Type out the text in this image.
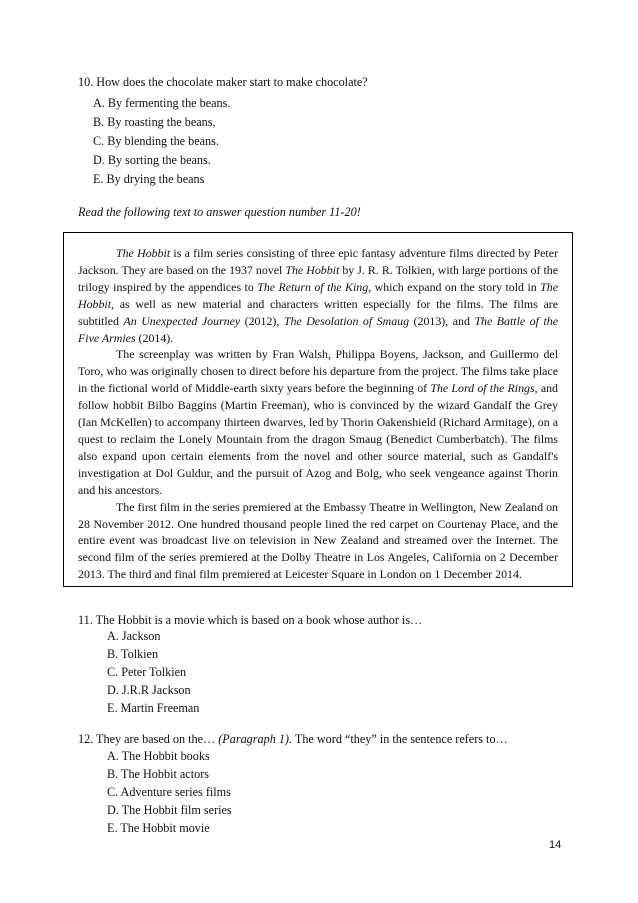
10. How does the chocolate maker start to make chocolate?
A. By fermenting the beans.
B. By roasting the beans,
C. By blending the beans.
D. By sorting the beans.
E. By drying the beans
Read the following text to answer question number 11-20!

The Hobbit is a film series consisting of three epic fantasy adventure films directed by Peter Jackson. They are based on the 1937 novel The Hobbit by J. R. R. Tolkien, with large portions of the trilogy inspired by the appendices to The Return of the King, which expand on the story told in The Hobbit, as well as new material and characters written especially for the films. The films are subtitled An Unexpected Journey (2012), The Desolation of Smaug (2013), and The Battle of the Five Armies (2014).

The screenplay was written by Fran Walsh, Philippa Boyens, Jackson, and Guillermo del Toro, who was originally chosen to direct before his departure from the project. The films take place in the fictional world of Middle-earth sixty years before the beginning of The Lord of the Rings, and follow hobbit Bilbo Baggins (Martin Freeman), who is convinced by the wizard Gandalf the Grey (Ian McKellen) to accompany thirteen dwarves, led by Thorin Oakenshield (Richard Armitage), on a quest to reclaim the Lonely Mountain from the dragon Smaug (Benedict Cumberbatch). The films also expand upon certain elements from the novel and other source material, such as Gandalf's investigation at Dol Guldur, and the pursuit of Azog and Bolg, who seek vengeance against Thorin and his ancestors.

The first film in the series premiered at the Embassy Theatre in Wellington, New Zealand on 28 November 2012. One hundred thousand people lined the red carpet on Courtenay Place, and the entire event was broadcast live on television in New Zealand and streamed over the Internet. The second film of the series premiered at the Dolby Theatre in Los Angeles, California on 2 December 2013. The third and final film premiered at Leicester Square in London on 1 December 2014.

11. The Hobbit is a movie which is based on a book whose author is…
A. Jackson
B. Tolkien
C. Peter Tolkien
D. J.R.R Jackson
E. Martin Freeman
12. They are based on the… (Paragraph 1). The word “they” in the sentence refers to…
A. The Hobbit books
B. The Hobbit actors
C. Adventure series films
D. The Hobbit film series
E. The Hobbit movie
14
